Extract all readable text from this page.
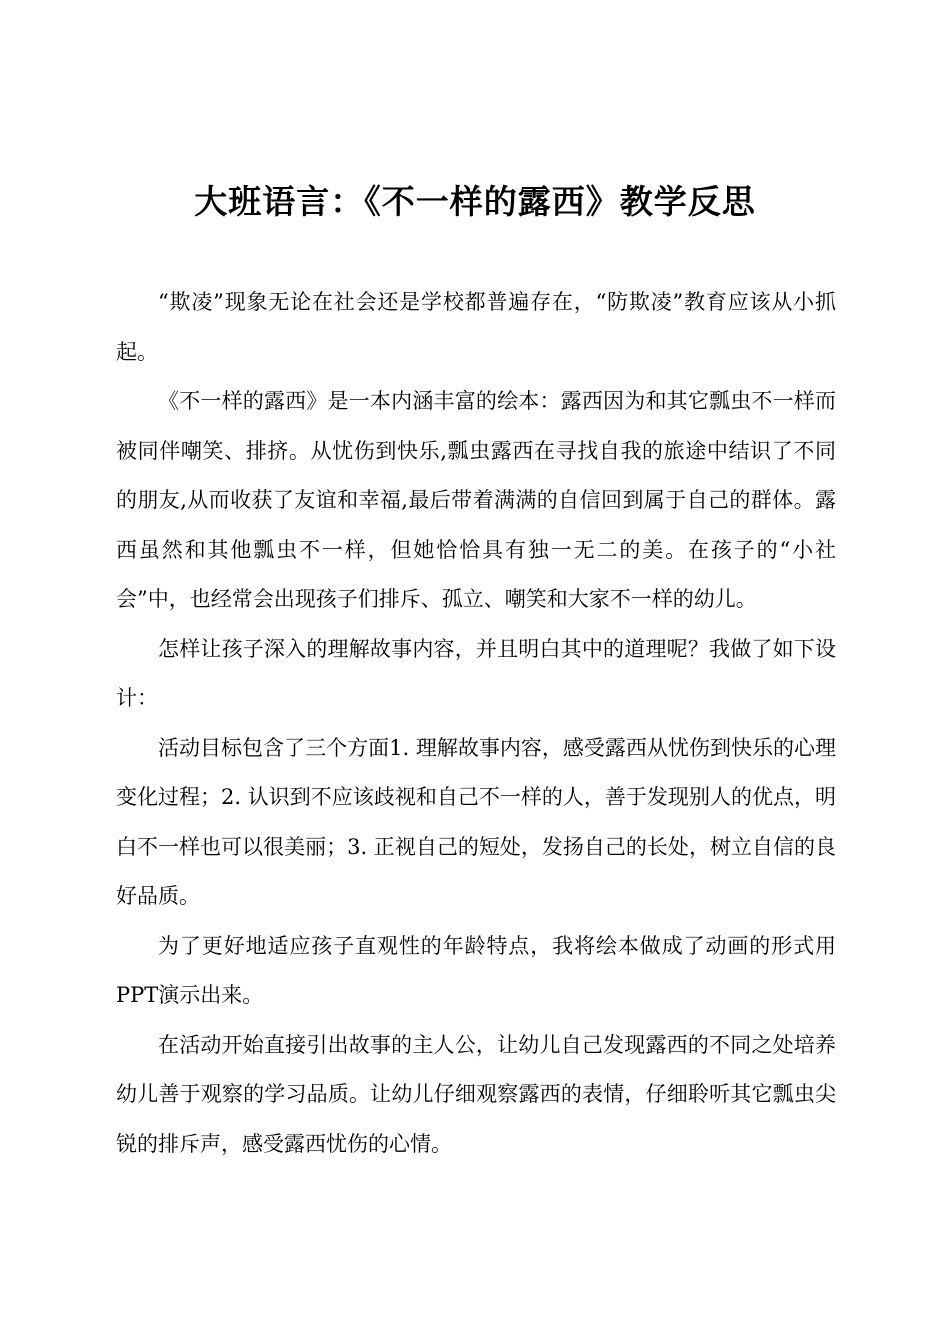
大班语言：《不一样的露西》教学反思

“欺凌”现象无论在社会还是学校都普遍存在，“防欺凌”教育应该从小抓起。

《不一样的露西》是一本内涵丰富的绘本：露西因为和其它瓢虫不一样而被同伴嘲笑、排挤。从忧伤到快乐,瓢虫露西在寻找自我的旅途中结识了不同的朋友,从而收获了友谊和幸福,最后带着满满的自信回到属于自己的群体。露西虽然和其他瓢虫不一样，但她恰恰具有独一无二的美。在孩子的“小社会”中，也经常会出现孩子们排斥、孤立、嘲笑和大家不一样的幼儿。

怎样让孩子深入的理解故事内容，并且明白其中的道理呢？我做了如下设计：

活动目标包含了三个方面1. 理解故事内容，感受露西从忧伤到快乐的心理变化过程；2. 认识到不应该歧视和自己不一样的人，善于发现别人的优点，明白不一样也可以很美丽；3. 正视自己的短处，发扬自己的长处，树立自信的良好品质。

为了更好地适应孩子直观性的年龄特点，我将绘本做成了动画的形式用PPT演示出来。

在活动开始直接引出故事的主人公，让幼儿自己发现露西的不同之处培养幼儿善于观察的学习品质。让幼儿仔细观察露西的表情，仔细聆听其它瓢虫尖锐的排斥声，感受露西忧伤的心情。
